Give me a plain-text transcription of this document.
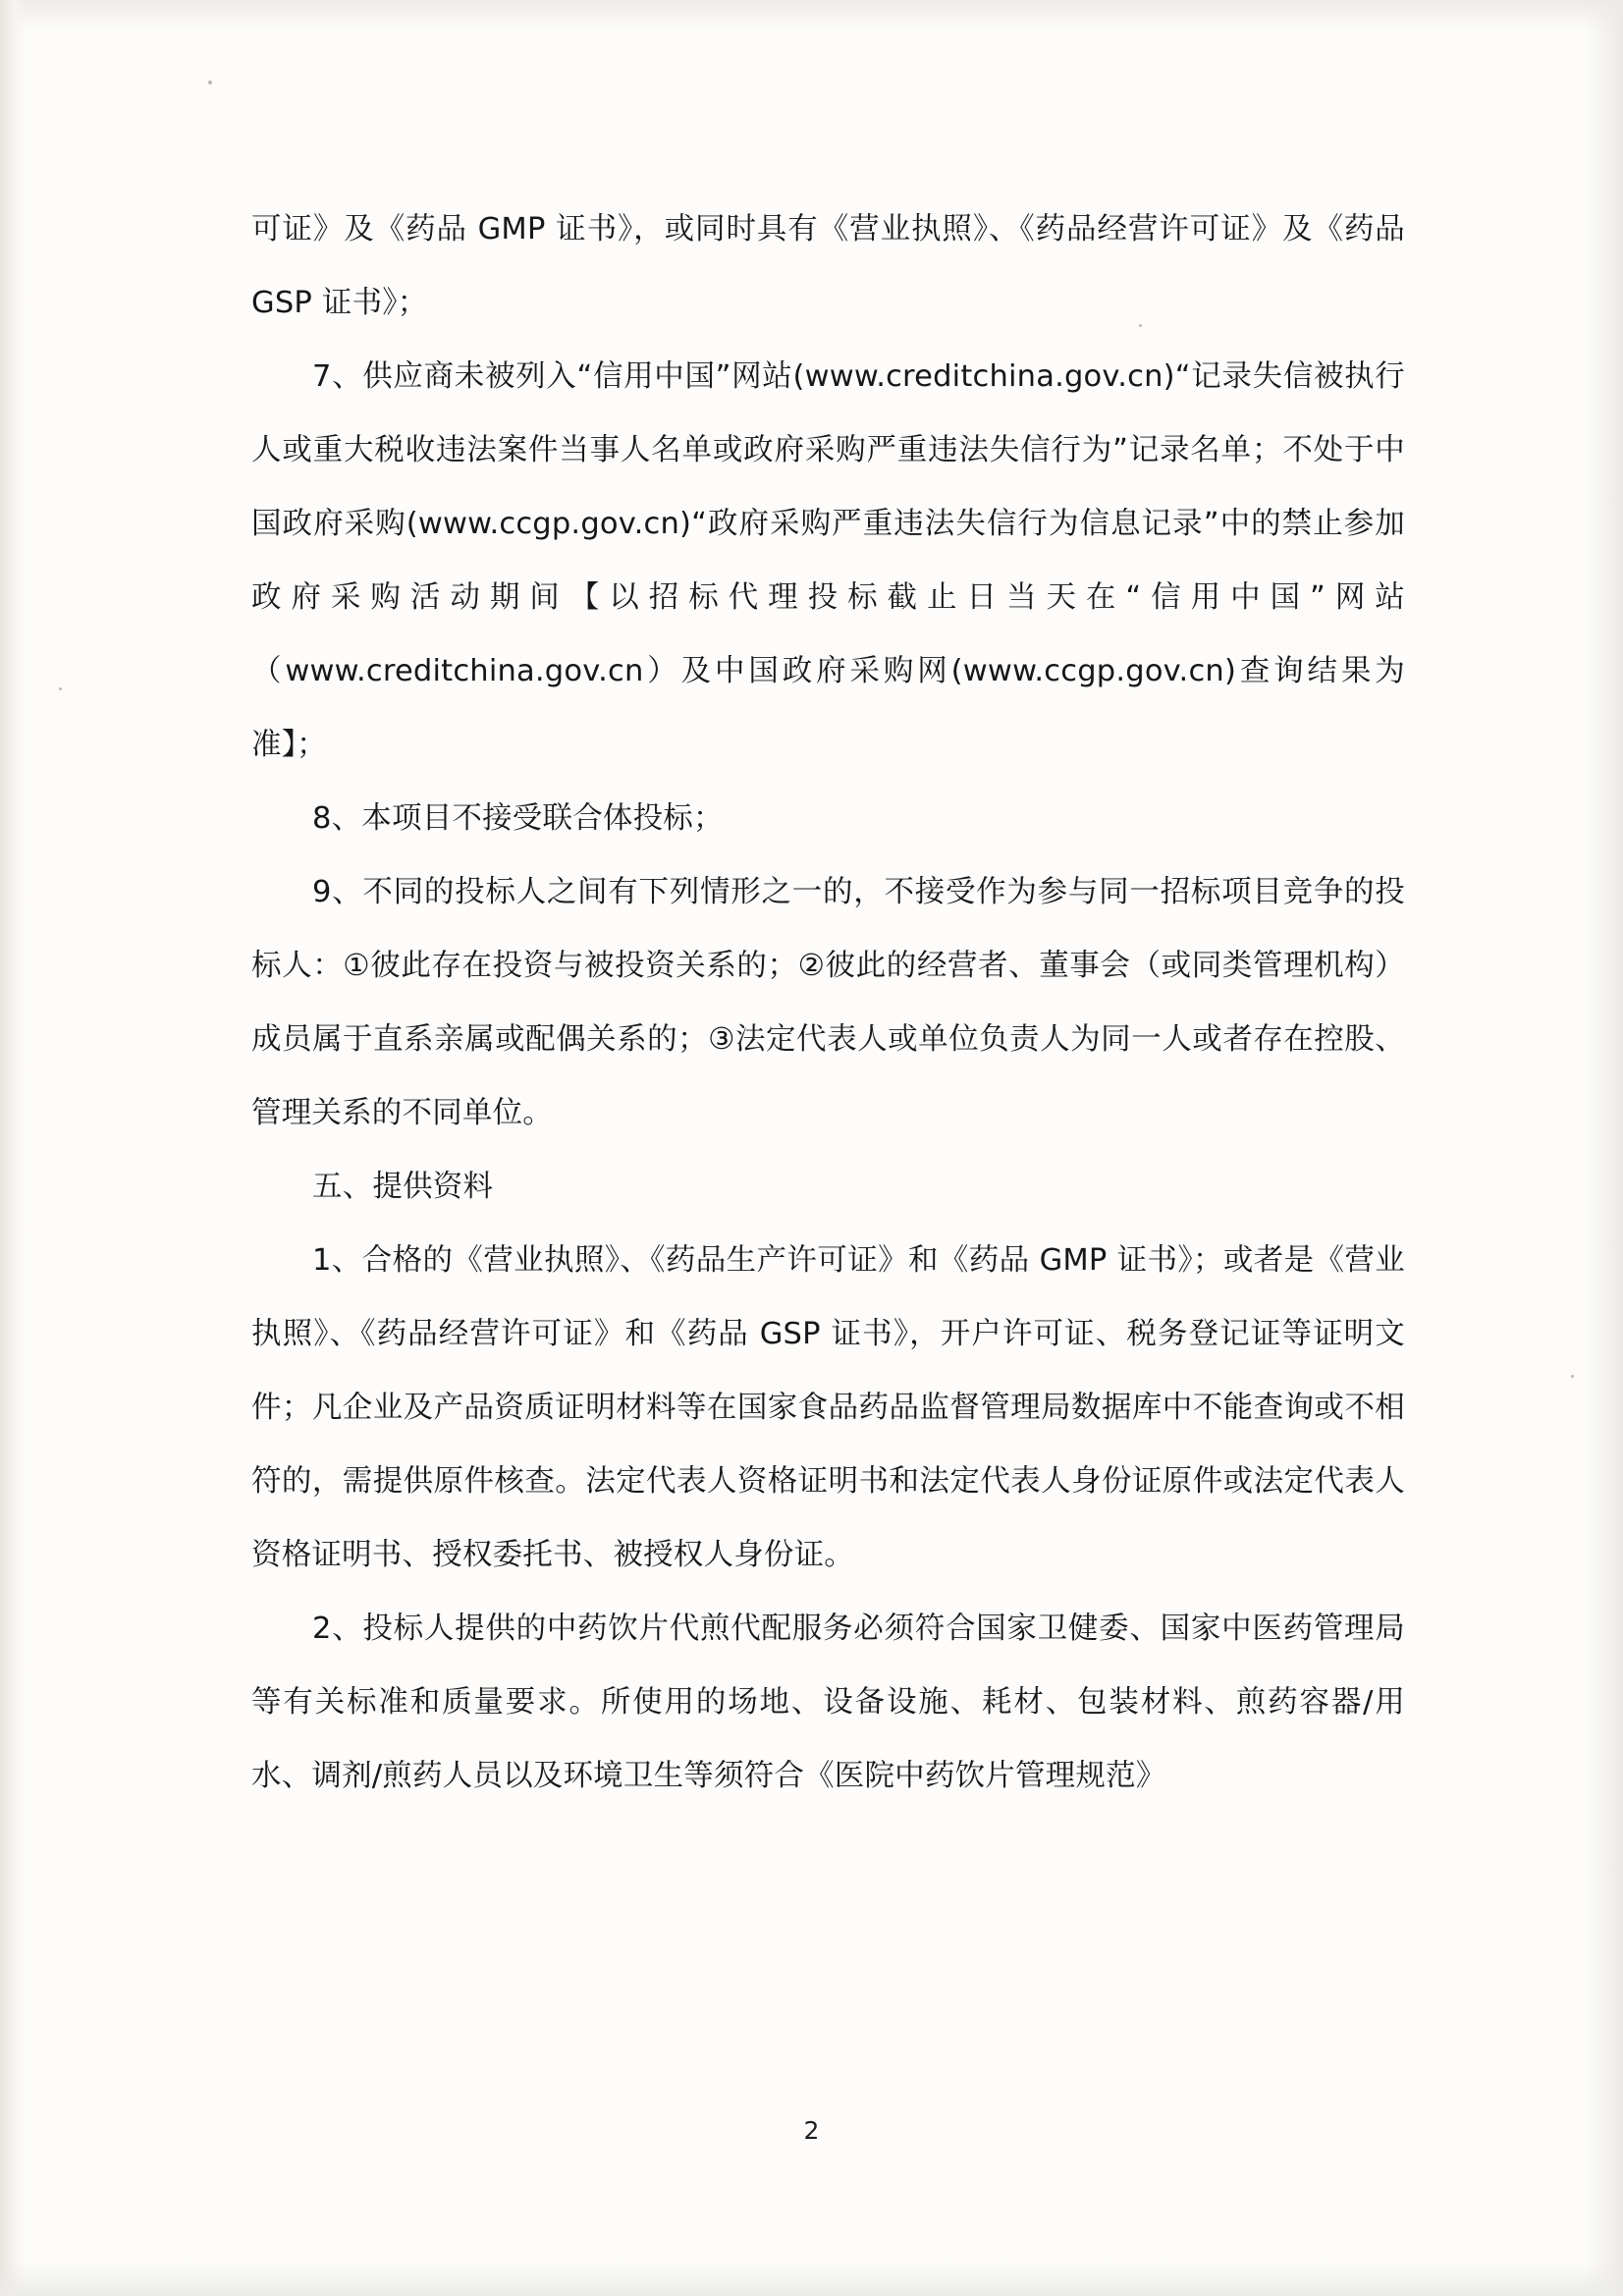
可证》及《药品 GMP 证书》，或同时具有《营业执照》、《药品经营许可证》及《药品 GSP 证书》；

7、供应商未被列入“信用中国”网站(www.creditchina.gov.cn)“记录失信被执行人或重大税收违法案件当事人名单或政府采购严重违法失信行为”记录名单；不处于中国政府采购(www.ccgp.gov.cn)“政府采购严重违法失信行为信息记录”中的禁止参加政府采购活动期间【以招标代理投标截止日当天在“信用中国”网站（www.creditchina.gov.cn）及中国政府采购网(www.ccgp.gov.cn)查询结果为准】；

8、本项目不接受联合体投标；

9、不同的投标人之间有下列情形之一的，不接受作为参与同一招标项目竞争的投标人：①彼此存在投资与被投资关系的；②彼此的经营者、董事会（或同类管理机构）成员属于直系亲属或配偶关系的；③法定代表人或单位负责人为同一人或者存在控股、管理关系的不同单位。

五、提供资料

1、合格的《营业执照》、《药品生产许可证》和《药品 GMP 证书》；或者是《营业执照》、《药品经营许可证》和《药品 GSP 证书》，开户许可证、税务登记证等证明文件；凡企业及产品资质证明材料等在国家食品药品监督管理局数据库中不能查询或不相符的，需提供原件核查。法定代表人资格证明书和法定代表人身份证原件或法定代表人资格证明书、授权委托书、被授权人身份证。

2、投标人提供的中药饮片代煎代配服务必须符合国家卫健委、国家中医药管理局等有关标准和质量要求。所使用的场地、设备设施、耗材、包装材料、煎药容器/用水、调剂/煎药人员以及环境卫生等须符合《医院中药饮片管理规范》

2
